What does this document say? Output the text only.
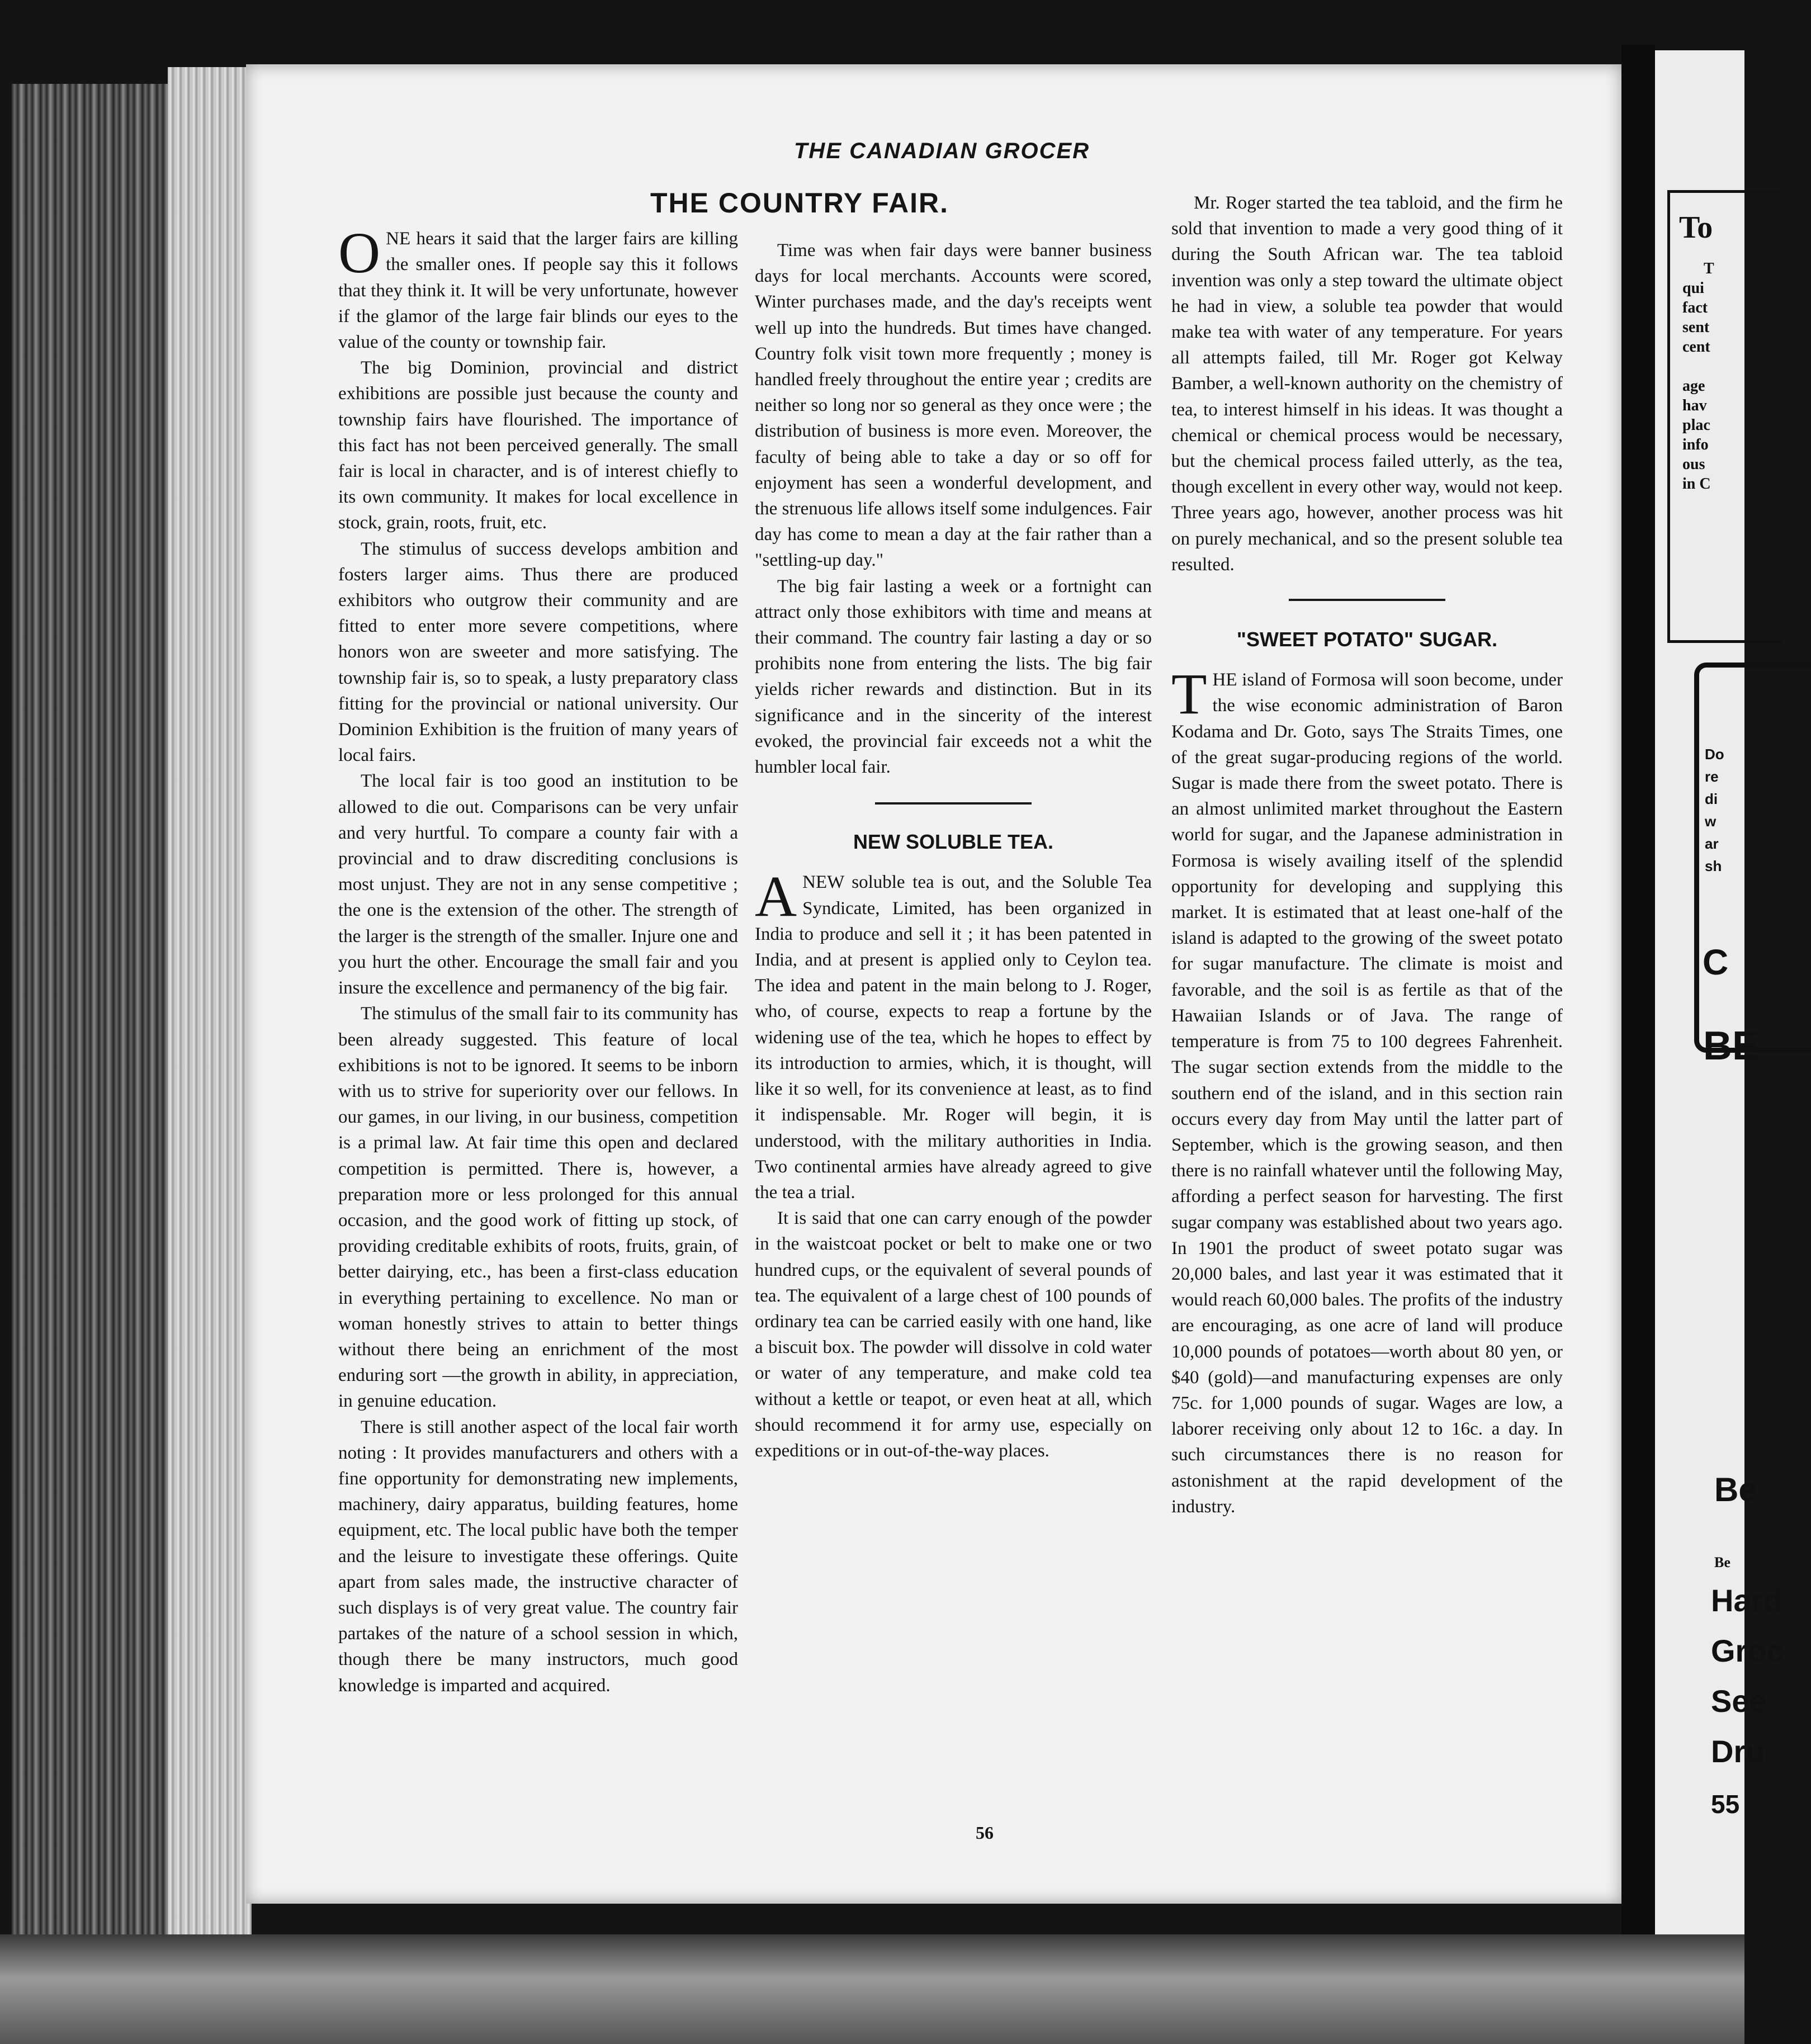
THE CANADIAN GROCER
THE COUNTRY FAIR.

ONE hears it said that the larger fairs are killing the smaller ones. If people say this it follows that they think it. It will be very unfortunate, however if the glamor of the large fair blinds our eyes to the value of the county or township fair.

The big Dominion, provincial and district exhibitions are possible just because the county and township fairs have flourished. The importance of this fact has not been perceived generally. The small fair is local in character, and is of interest chiefly to its own community. It makes for local excellence in stock, grain, roots, fruit, etc.

The stimulus of success develops ambition and fosters larger aims. Thus there are produced exhibitors who outgrow their community and are fitted to enter more severe competitions, where honors won are sweeter and more satisfying. The township fair is, so to speak, a lusty preparatory class fitting for the provincial or national university. Our Dominion Exhibition is the fruition of many years of local fairs.

The local fair is too good an institution to be allowed to die out. Comparisons can be very unfair and very hurtful. To compare a county fair with a provincial and to draw discrediting conclusions is most unjust. They are not in any sense competitive ; the one is the extension of the other. The strength of the larger is the strength of the smaller. Injure one and you hurt the other. Encourage the small fair and you insure the excellence and permanency of the big fair.

The stimulus of the small fair to its community has been already suggested. This feature of local exhibitions is not to be ignored. It seems to be inborn with us to strive for superiority over our fellows. In our games, in our living, in our business, competition is a primal law. At fair time this open and declared competition is permitted. There is, however, a preparation more or less prolonged for this annual occasion, and the good work of fitting up stock, of providing creditable exhibits of roots, fruits, grain, of better dairying, etc., has been a first-class education in everything pertaining to excellence. No man or woman honestly strives to attain to better things without there being an enrichment of the most enduring sort —the growth in ability, in appreciation, in genuine education.

There is still another aspect of the local fair worth noting : It provides manufacturers and others with a fine opportunity for demonstrating new implements, machinery, dairy apparatus, building features, home equipment, etc. The local public have both the temper and the leisure to investigate these offerings. Quite apart from sales made, the instructive character of such displays is of very great value. The country fair partakes of the nature of a school session in which, though there be many instructors, much good knowledge is imparted and acquired.

Time was when fair days were banner business days for local merchants. Accounts were scored, Winter purchases made, and the day's receipts went well up into the hundreds. But times have changed. Country folk visit town more frequently ; money is handled freely throughout the entire year ; credits are neither so long nor so general as they once were ; the distribution of business is more even. Moreover, the faculty of being able to take a day or so off for enjoyment has seen a wonderful development, and the strenuous life allows itself some indulgences. Fair day has come to mean a day at the fair rather than a "settling-up day."

The big fair lasting a week or a fortnight can attract only those exhibitors with time and means at their command. The country fair lasting a day or so prohibits none from entering the lists. The big fair yields richer rewards and distinction. But in its significance and in the sincerity of the interest evoked, the provincial fair exceeds not a whit the humbler local fair.

NEW SOLUBLE TEA.

ANEW soluble tea is out, and the Soluble Tea Syndicate, Limited, has been organized in India to produce and sell it ; it has been patented in India, and at present is applied only to Ceylon tea. The idea and patent in the main belong to J. Roger, who, of course, expects to reap a fortune by the widening use of the tea, which he hopes to effect by its introduction to armies, which, it is thought, will like it so well, for its convenience at least, as to find it indispensable. Mr. Roger will begin, it is understood, with the military authorities in India. Two continental armies have already agreed to give the tea a trial.

It is said that one can carry enough of the powder in the waistcoat pocket or belt to make one or two hundred cups, or the equivalent of several pounds of tea. The equivalent of a large chest of 100 pounds of ordinary tea can be carried easily with one hand, like a biscuit box. The powder will dissolve in cold water or water of any temperature, and make cold tea without a kettle or teapot, or even heat at all, which should recommend it for army use, especially on expeditions or in out-of-the-way places.

Mr. Roger started the tea tabloid, and the firm he sold that invention to made a very good thing of it during the South African war. The tea tabloid invention was only a step toward the ultimate object he had in view, a soluble tea powder that would make tea with water of any temperature. For years all attempts failed, till Mr. Roger got Kelway Bamber, a well-known authority on the chemistry of tea, to interest himself in his ideas. It was thought a chemical or chemical process would be necessary, but the chemical process failed utterly, as the tea, though excellent in every other way, would not keep. Three years ago, however, another process was hit on purely mechanical, and so the present soluble tea resulted.

"SWEET POTATO" SUGAR.

THE island of Formosa will soon become, under the wise economic administration of Baron Kodama and Dr. Goto, says The Straits Times, one of the great sugar-producing regions of the world. Sugar is made there from the sweet potato. There is an almost unlimited market throughout the Eastern world for sugar, and the Japanese administration in Formosa is wisely availing itself of the splendid opportunity for developing and supplying this market. It is estimated that at least one-half of the island is adapted to the growing of the sweet potato for sugar manufacture. The climate is moist and favorable, and the soil is as fertile as that of the Hawaiian Islands or of Java. The range of temperature is from 75 to 100 degrees Fahrenheit. The sugar section extends from the middle to the southern end of the island, and in this section rain occurs every day from May until the latter part of September, which is the growing season, and then there is no rainfall whatever until the following May, affording a perfect season for harvesting. The first sugar company was established about two years ago. In 1901 the product of sweet potato sugar was 20,000 bales, and last year it was estimated that it would reach 60,000 bales. The profits of the industry are encouraging, as one acre of land will produce 10,000 pounds of potatoes—worth about 80 yen, or $40 (gold)—and manufacturing expenses are only 75c. for 1,000 pounds of sugar. Wages are low, a laborer receiving only about 12 to 16c. a day. In such circumstances there is no reason for astonishment at the rapid development of the industry.

56
To
T
qui
fact
sent
cent
age
hav
plac
info
ous
in C
Do
re
di
w
ar
sh
C
BE
Be
Be
Hard
Groc
See
Dru
55
